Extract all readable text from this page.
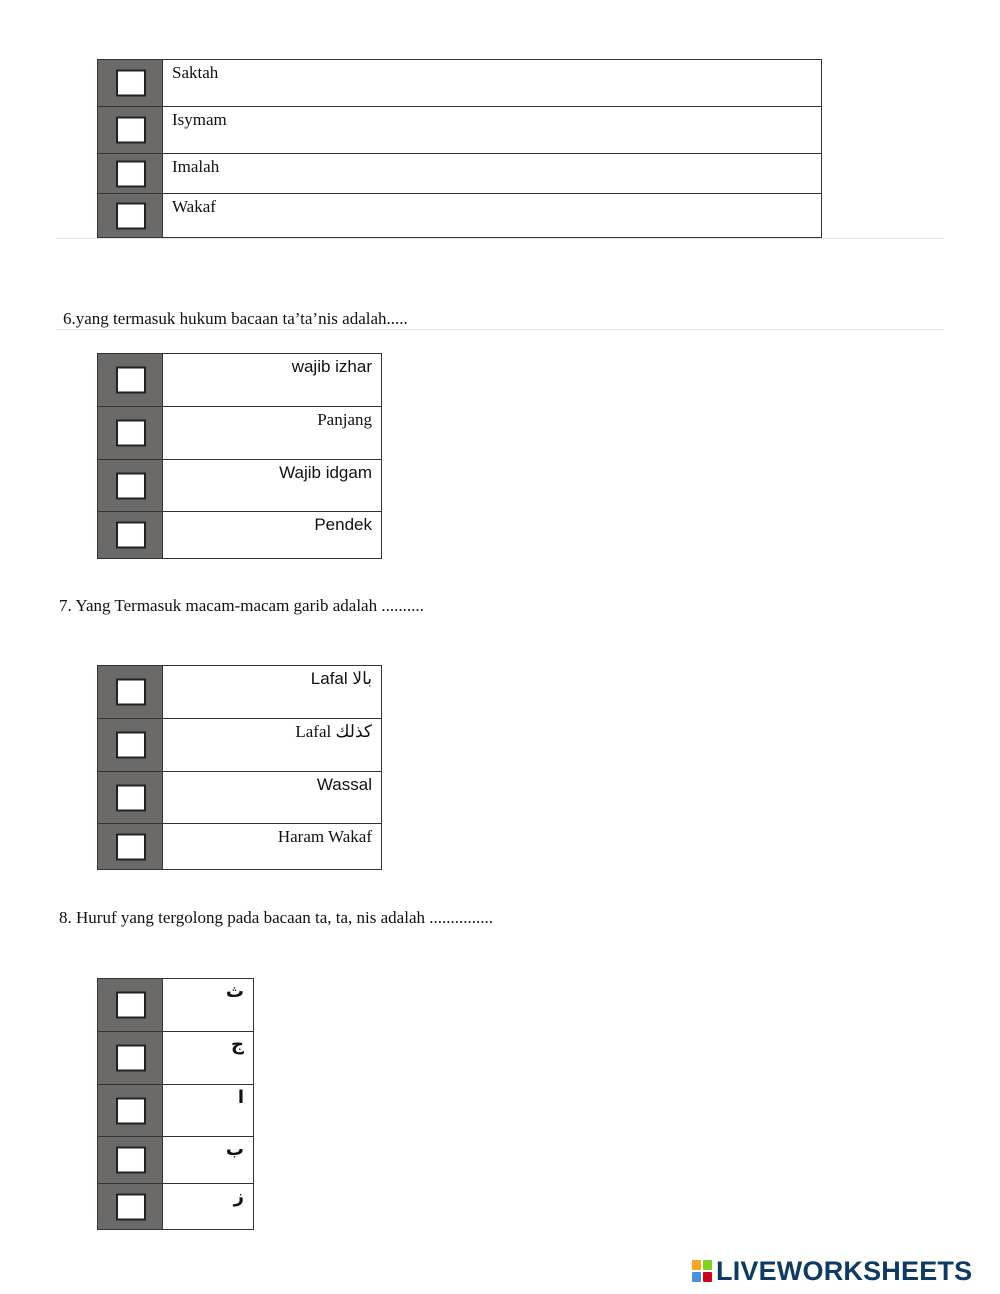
	Saktah

	Isymam

	Imalah

	Wakaf
6.yang termasuk hukum bacaan ta’ta’nis adalah.....

	wajib izhar

	Panjang

	Wajib idgam

	Pendek
7. Yang Termasuk macam-macam garib adalah ..........

	Lafal بالا

	Lafal كذلك

	Wassal

	Haram Wakaf
8. Huruf yang tergolong pada bacaan ta, ta, nis adalah ...............

	ث

	ج

	ا

	ب

	ز
LIVEWORKSHEETS
